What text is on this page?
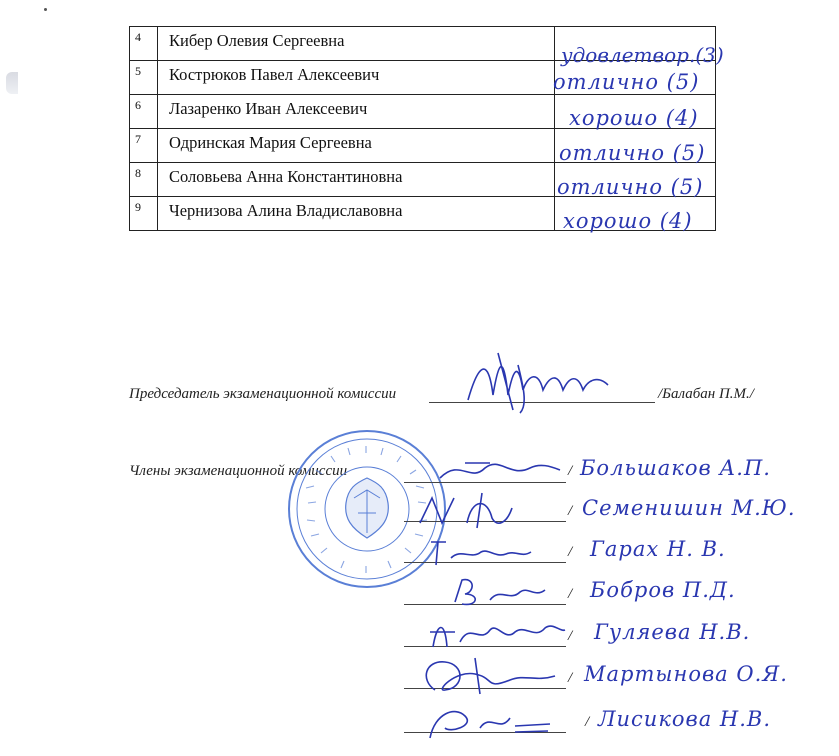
4	Кибер Олевия Сергеевна	удовлетвор.(3)

5	Кострюков Павел Алексеевич	отлично (5)

6	Лазаренко Иван Алексеевич	хорошо (4)

7	Одринская Мария Сергеевна	отлично (5)

8	Соловьева Анна Константиновна	отлично (5)

9	Чернизова Алина Владиславовна	хорошо (4)
Председатель экзаменационной комиссии	/Балабан П.М./
Члены экзаменационной комиссии	/ Большаков А.П.
/ Семенишин М.Ю.
/ Гарах Н. В.
/ Бобров П.Д.
/ Гуляева Н.В.
/ Мартынова О.Я.
/ Лисикова Н.В.
